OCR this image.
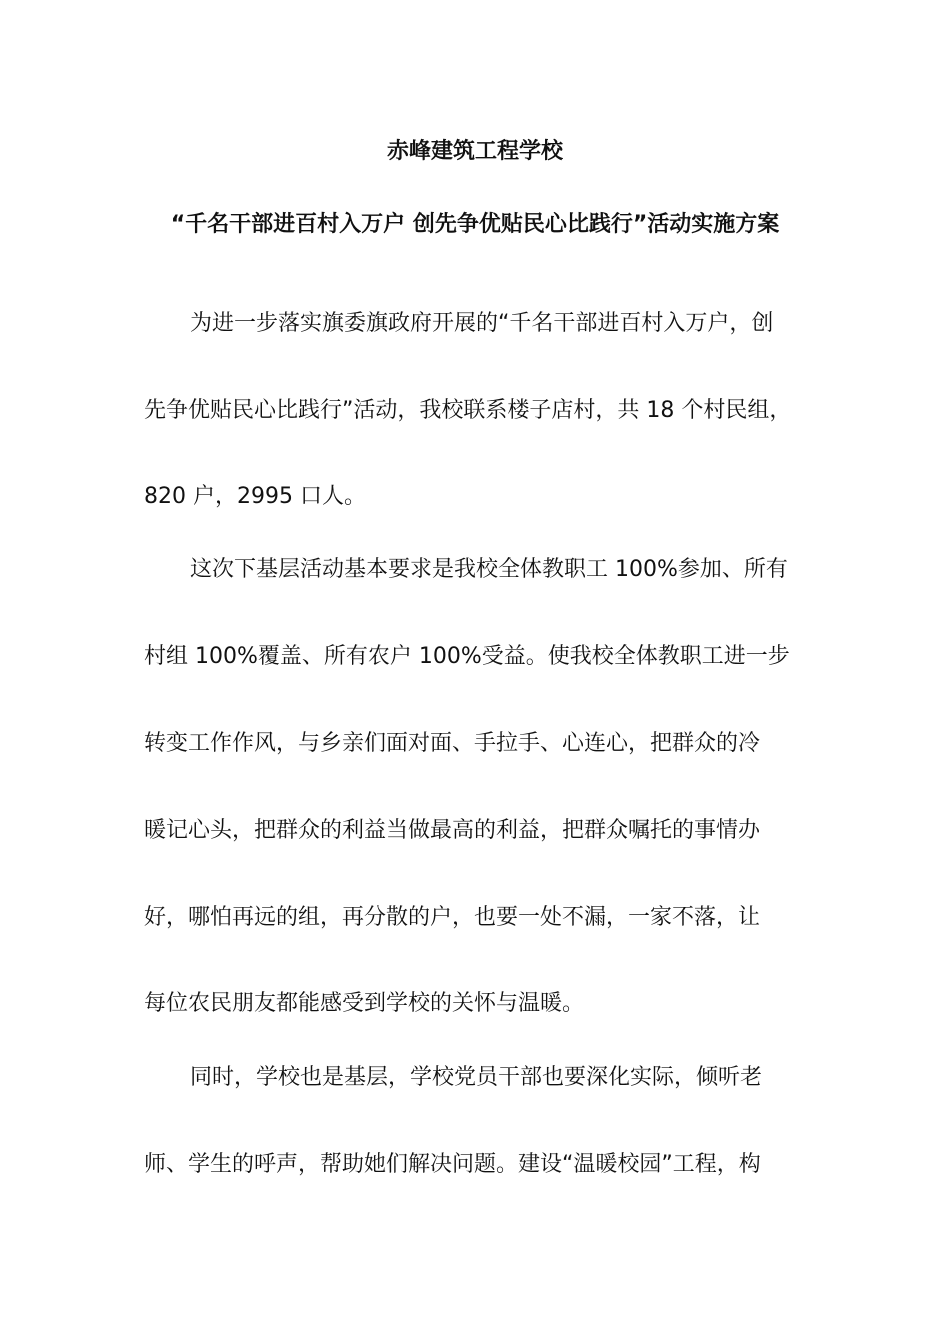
赤峰建筑工程学校
“千名干部进百村入万户 创先争优贴民心比践行”活动实施方案
为进一步落实旗委旗政府开展的“千名干部进百村入万户，创
先争优贴民心比践行”活动，我校联系楼子店村，共 18 个村民组，
820 户，2995 口人。
这次下基层活动基本要求是我校全体教职工 100%参加、所有
村组 100%覆盖、所有农户 100%受益。使我校全体教职工进一步
转变工作作风，与乡亲们面对面、手拉手、心连心，把群众的冷
暖记心头，把群众的利益当做最高的利益，把群众嘱托的事情办
好，哪怕再远的组，再分散的户，也要一处不漏，一家不落，让
每位农民朋友都能感受到学校的关怀与温暖。
同时，学校也是基层，学校党员干部也要深化实际，倾听老
师、学生的呼声，帮助她们解决问题。建设“温暖校园”工程，构
